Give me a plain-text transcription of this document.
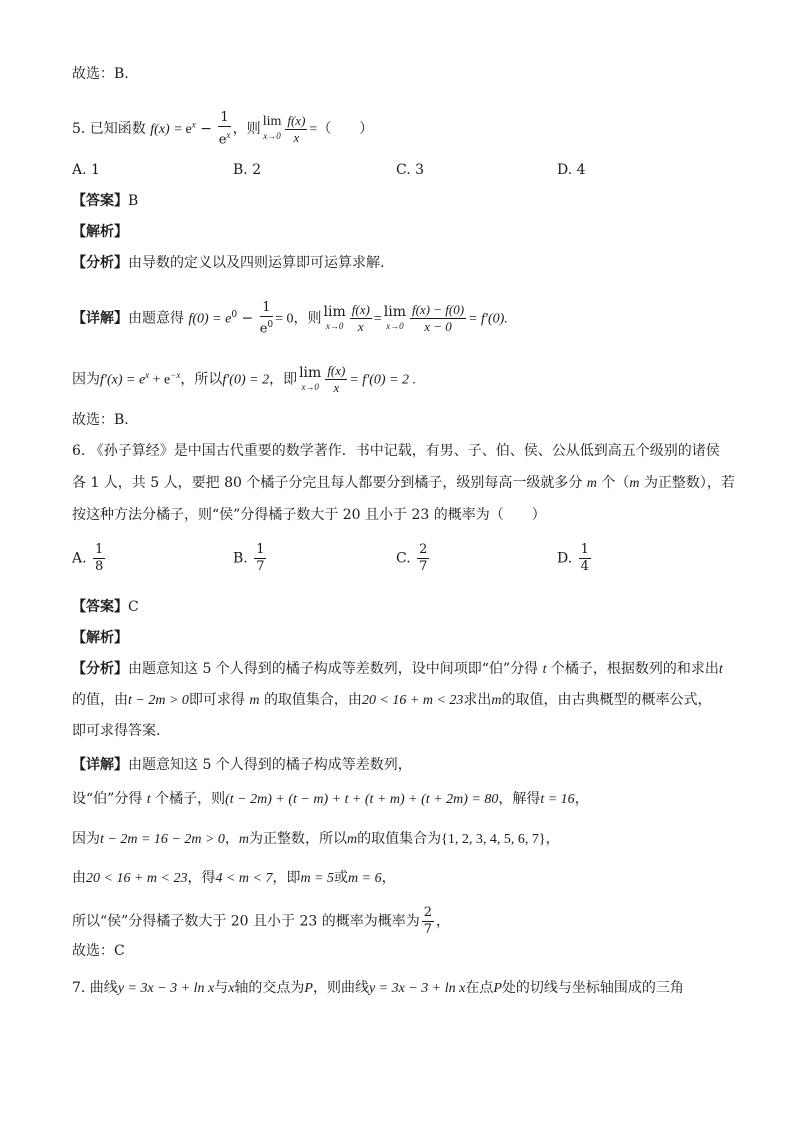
故选：B.
5. 已知函数 $f(x) = e^x - \frac{1}{e^x}$ ，则 lim
$x\to 0 \frac{f(x)}{x}$ =（　　）
A. 1	B. 2	C. 3	D. 4
【答案】B
【解析】
【分析】由导数的定义以及四则运算即可运算求解.
【详解】由题意得 $f(0) = e^0 - \frac{1}{e^0} = 0$，则 lim
$x\to 0 \frac{f(x)}{x} = \lim$
$x\to 0 \frac{f(x) - f(0)}{x - 0} = f'(0)$.
因为$f'(x) = e^x + e^{-x}$，所以f′(0) = 2，即 lim
$x\to 0 \frac{f(x)}{x} = f'(0) = 2$ .
故选：B.
6. 《孙子算经》是中国古代重要的数学著作．书中记载，有男、子、伯、侯、公从低到高五个级别的诸侯
各 1 人，共 5 人，要把 80 个橘子分完且每人都要分到橘子，级别每高一级就多分 m 个（m 为正整数），若
按这种方法分橘子，则“侯”分得橘子数大于 20 且小于 23 的概率为（　　）
A. $\frac{1}{8}$	B. $\frac{1}{7}$	C. $\frac{2}{7}$	D. $\frac{1}{4}$
【答案】C
【解析】
【分析】由题意知这 5 个人得到的橘子构成等差数列，设中间项即“伯”分得 t 个橘子，根据数列的和求出t
的值，由t − 2m > 0即可求得 m 的取值集合，由20 < 16 + m < 23求出m的取值，由古典概型的概率公式，
即可求得答案.
【详解】由题意知这 5 个人得到的橘子构成等差数列，
设“伯”分得 t 个橘子，则(t − 2m) + (t − m) + t + (t + m) + (t + 2m) = 80，解得t = 16，
因为t − 2m = 16 − 2m > 0，m为正整数，所以m的取值集合为{1, 2, 3, 4, 5, 6, 7}，
由20 < 16 + m < 23，得4 < m < 7，即m = 5或m = 6，
所以“侯”分得橘子数大于 20 且小于 23 的概率为概率为 $\frac{2}{7}$ ，
故选：C
7. 曲线y = 3x − 3 + ln x与x轴的交点为P，则曲线y = 3x − 3 + ln x在点P处的切线与坐标轴围成的三角
